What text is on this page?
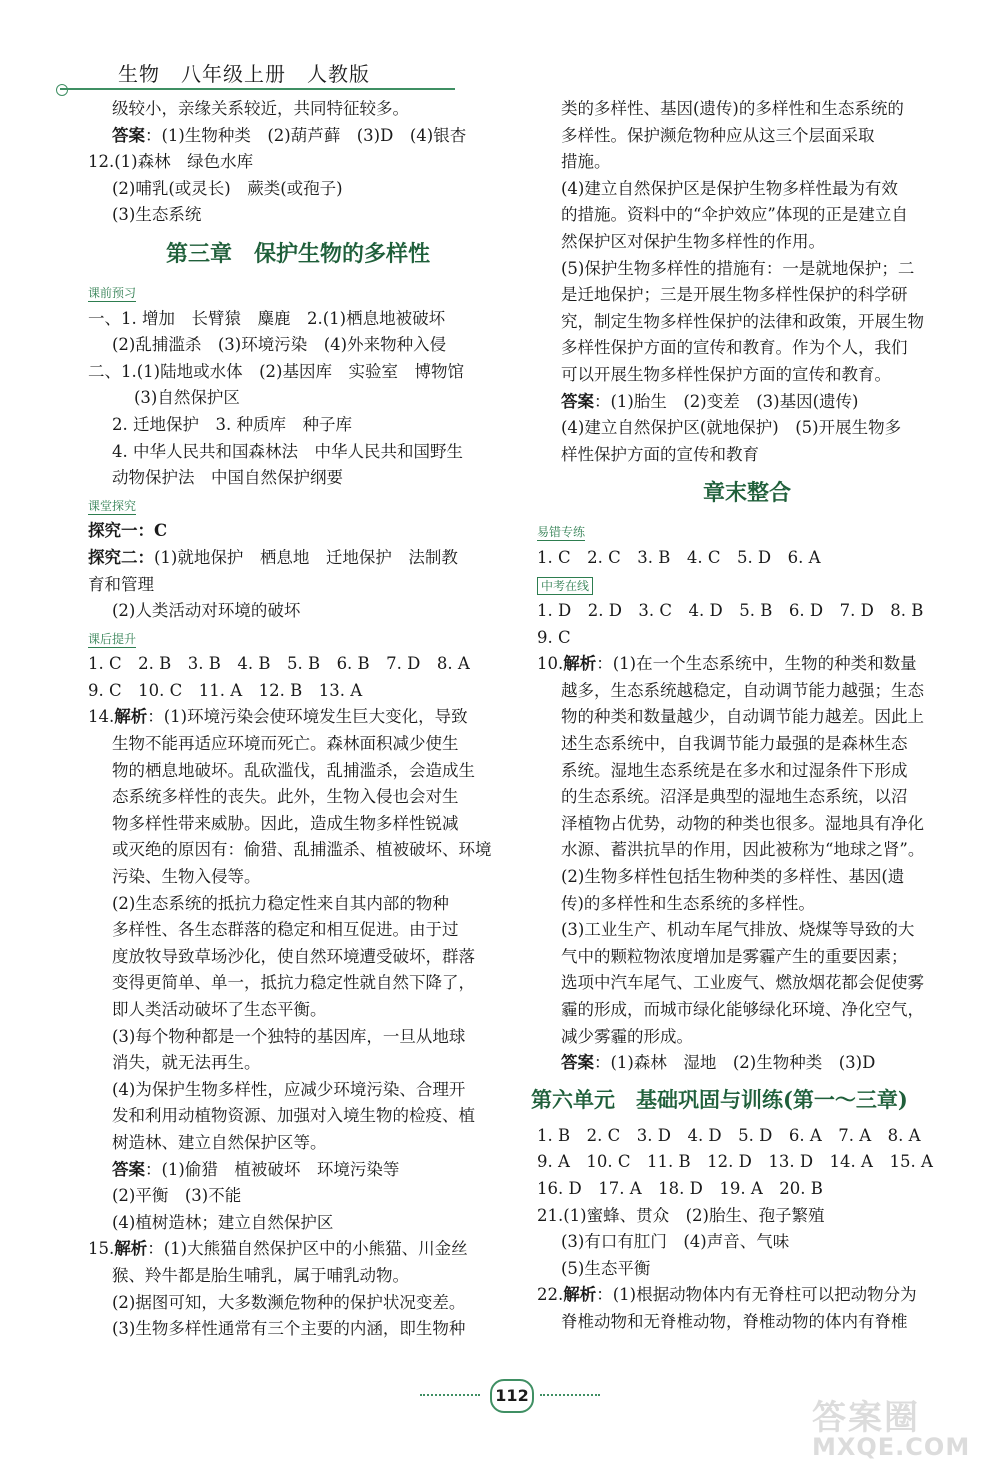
生物　八年级上册　人教版
级较小，亲缘关系较近，共同特征较多。
答案：(1)生物种类　(2)葫芦藓　(3)D　(4)银杏
12.(1)森林　绿色水库
(2)哺乳(或灵长)　蕨类(或孢子)
(3)生态系统
第三章　保护生物的多样性
课前预习
一、1. 增加　长臂猿　麋鹿　2.(1)栖息地被破坏
(2)乱捕滥杀　(3)环境污染　(4)外来物种入侵
二、1.(1)陆地或水体　(2)基因库　实验室　博物馆
(3)自然保护区
2. 迁地保护　3. 种质库　种子库
4. 中华人民共和国森林法　中华人民共和国野生
动物保护法　中国自然保护纲要
课堂探究
探究一：C
探究二：(1)就地保护　栖息地　迁地保护　法制教
育和管理
(2)人类活动对环境的破坏
课后提升
1. C　2. B　3. B　4. B　5. B　6. B　7. D　8. A
9. C　10. C　11. A　12. B　13. A
14.解析：(1)环境污染会使环境发生巨大变化，导致
生物不能再适应环境而死亡。森林面积减少使生
物的栖息地破坏。乱砍滥伐，乱捕滥杀，会造成生
态系统多样性的丧失。此外，生物入侵也会对生
物多样性带来威胁。因此，造成生物多样性锐减
或灭绝的原因有：偷猎、乱捕滥杀、植被破坏、环境
污染、生物入侵等。
(2)生态系统的抵抗力稳定性来自其内部的物种
多样性、各生态群落的稳定和相互促进。由于过
度放牧导致草场沙化，使自然环境遭受破坏，群落
变得更简单、单一，抵抗力稳定性就自然下降了，
即人类活动破坏了生态平衡。
(3)每个物种都是一个独特的基因库，一旦从地球
消失，就无法再生。
(4)为保护生物多样性，应减少环境污染、合理开
发和利用动植物资源、加强对入境生物的检疫、植
树造林、建立自然保护区等。
答案：(1)偷猎　植被破坏　环境污染等
(2)平衡　(3)不能
(4)植树造林；建立自然保护区
15.解析：(1)大熊猫自然保护区中的小熊猫、川金丝
猴、羚牛都是胎生哺乳，属于哺乳动物。
(2)据图可知，大多数濒危物种的保护状况变差。
(3)生物多样性通常有三个主要的内涵，即生物种
类的多样性、基因(遗传)的多样性和生态系统的
多样性。保护濒危物种应从这三个层面采取
措施。
(4)建立自然保护区是保护生物多样性最为有效
的措施。资料中的“伞护效应”体现的正是建立自
然保护区对保护生物多样性的作用。
(5)保护生物多样性的措施有：一是就地保护；二
是迁地保护；三是开展生物多样性保护的科学研
究，制定生物多样性保护的法律和政策，开展生物
多样性保护方面的宣传和教育。作为个人，我们
可以开展生物多样性保护方面的宣传和教育。
答案：(1)胎生　(2)变差　(3)基因(遗传)
(4)建立自然保护区(就地保护)　(5)开展生物多
样性保护方面的宣传和教育
章末整合
易错专练
1. C　2. C　3. B　4. C　5. D　6. A
中考在线
1. D　2. D　3. C　4. D　5. B　6. D　7. D　8. B
9. C
10.解析：(1)在一个生态系统中，生物的种类和数量
越多，生态系统越稳定，自动调节能力越强；生态
物的种类和数量越少，自动调节能力越差。因此上
述生态系统中，自我调节能力最强的是森林生态
系统。湿地生态系统是在多水和过湿条件下形成
的生态系统。沼泽是典型的湿地生态系统，以沼
泽植物占优势，动物的种类也很多。湿地具有净化
水源、蓄洪抗旱的作用，因此被称为“地球之肾”。
(2)生物多样性包括生物种类的多样性、基因(遗
传)的多样性和生态系统的多样性。
(3)工业生产、机动车尾气排放、烧煤等导致的大
气中的颗粒物浓度增加是雾霾产生的重要因素；
选项中汽车尾气、工业废气、燃放烟花都会促使雾
霾的形成，而城市绿化能够绿化环境、净化空气，
减少雾霾的形成。
答案：(1)森林　湿地　(2)生物种类　(3)D
第六单元　基础巩固与训练(第一～三章)
1. B　2. C　3. D　4. D　5. D　6. A　7. A　8. A
9. A　10. C　11. B　12. D　13. D　14. A　15. A
16. D　17. A　18. D　19. A　20. B
21.(1)蜜蜂、贯众　(2)胎生、孢子繁殖
(3)有口有肛门　(4)声音、气味
(5)生态平衡
22.解析：(1)根据动物体内有无脊柱可以把动物分为
脊椎动物和无脊椎动物，脊椎动物的体内有脊椎
112
答案圈
MXQE.COM
